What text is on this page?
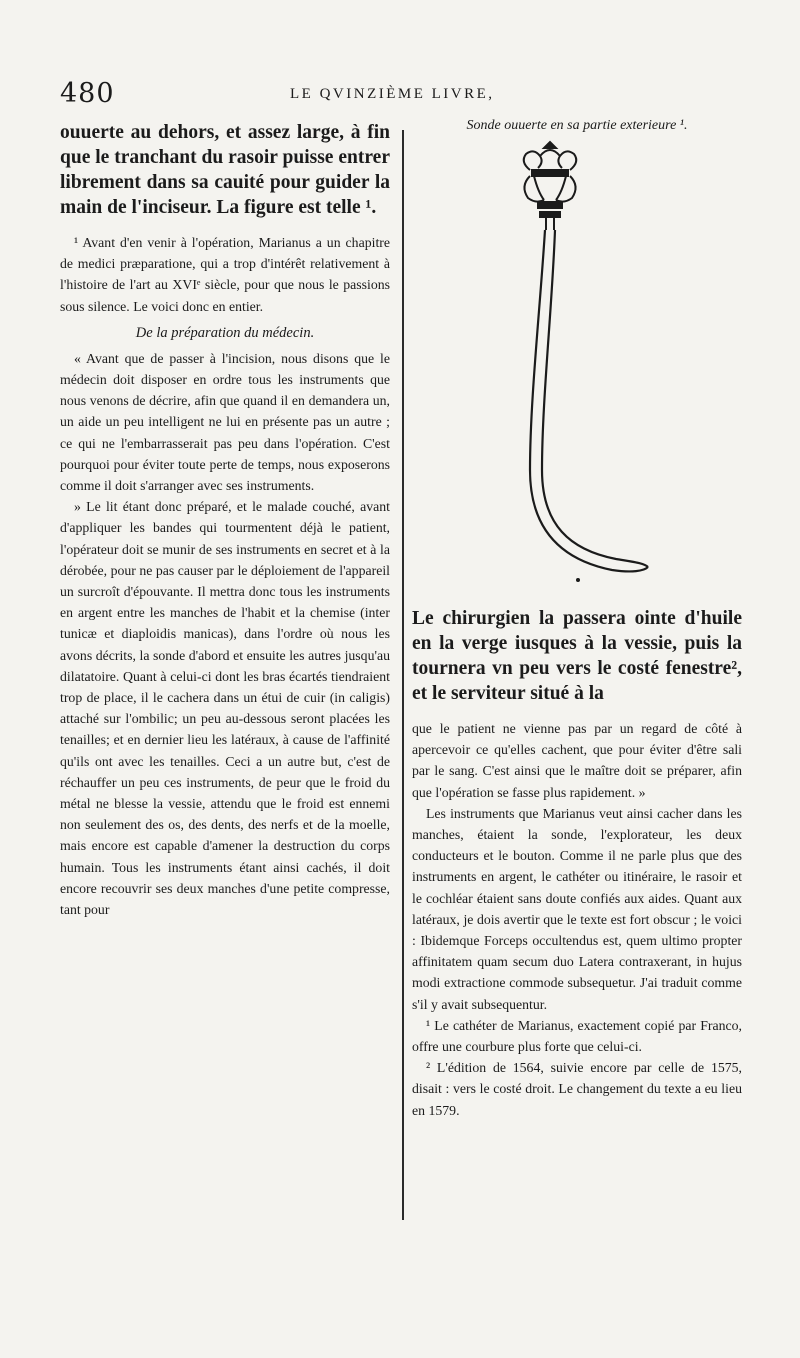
480	LE QVINZIÈME LIVRE,

ouuerte au dehors, et assez large, à fin que le tranchant du rasoir puisse entrer librement dans sa cauité pour guider la main de l'inciseur. La figure est telle ¹.

¹ Avant d'en venir à l'opération, Marianus a un chapitre de medici præparatione, qui a trop d'intérêt relativement à l'histoire de l'art au XVIᵉ siècle, pour que nous le passions sous silence. Le voici donc en entier.

De la préparation du médecin.

« Avant que de passer à l'incision, nous disons que le médecin doit disposer en ordre tous les instruments que nous venons de décrire, afin que quand il en demandera un, un aide un peu intelligent ne lui en présente pas un autre ; ce qui ne l'embarrasserait pas peu dans l'opération. C'est pourquoi pour éviter toute perte de temps, nous exposerons comme il doit s'arranger avec ses instruments.

» Le lit étant donc préparé, et le malade couché, avant d'appliquer les bandes qui tourmentent déjà le patient, l'opérateur doit se munir de ses instruments en secret et à la dérobée, pour ne pas causer par le déploiement de l'appareil un surcroît d'épouvante. Il mettra donc tous les instruments en argent entre les manches de l'habit et la chemise (inter tunicæ et diaploidis manicas), dans l'ordre où nous les avons décrits, la sonde d'abord et ensuite les autres jusqu'au dilatatoire. Quant à celui-ci dont les bras écartés tiendraient trop de place, il le cachera dans un étui de cuir (in caligis) attaché sur l'ombilic; un peu au-dessous seront placées les tenailles; et en dernier lieu les latéraux, à cause de l'affinité qu'ils ont avec les tenailles. Ceci a un autre but, c'est de réchauffer un peu ces instruments, de peur que le froid du métal ne blesse la vessie, attendu que le froid est ennemi non seulement des os, des dents, des nerfs et de la moelle, mais encore est capable d'amener la destruction du corps humain. Tous les instruments étant ainsi cachés, il doit encore recouvrir ses deux manches d'une petite compresse, tant pour

Sonde ouuerte en sa partie exterieure ¹.

Le chirurgien la passera ointe d'huile en la verge iusques à la vessie, puis la tournera vn peu vers le costé fenestre², et le serviteur situé à la

que le patient ne vienne pas par un regard de côté à apercevoir ce qu'elles cachent, que pour éviter d'être sali par le sang. C'est ainsi que le maître doit se préparer, afin que l'opération se fasse plus rapidement. »

Les instruments que Marianus veut ainsi cacher dans les manches, étaient la sonde, l'explorateur, les deux conducteurs et le bouton. Comme il ne parle plus que des instruments en argent, le cathéter ou itinéraire, le rasoir et le cochléar étaient sans doute confiés aux aides. Quant aux latéraux, je dois avertir que le texte est fort obscur ; le voici : Ibidemque Forceps occultendus est, quem ultimo propter affinitatem quam secum duo Latera contraxerant, in hujus modi extractione commode subsequetur. J'ai traduit comme s'il y avait subsequentur.

¹ Le cathéter de Marianus, exactement copié par Franco, offre une courbure plus forte que celui-ci.

² L'édition de 1564, suivie encore par celle de 1575, disait : vers le costé droit. Le changement du texte a eu lieu en 1579.
